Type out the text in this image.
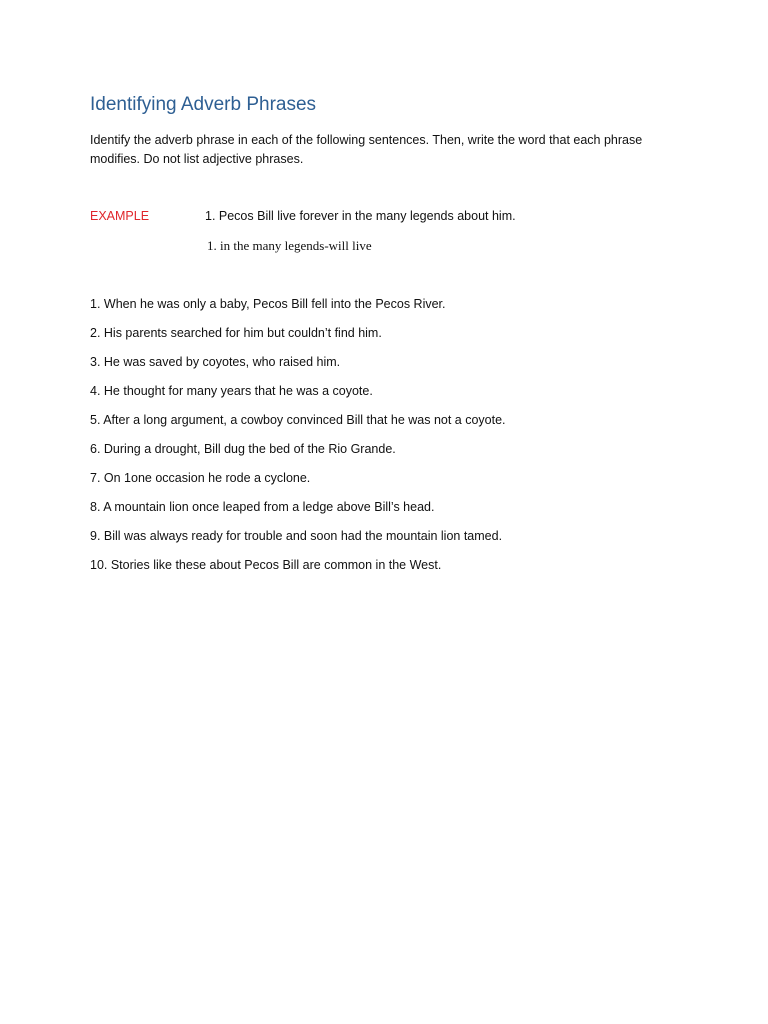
Identifying Adverb Phrases

Identify the adverb phrase in each of the following sentences. Then, write the word that each phrase modifies. Do not list adjective phrases.

EXAMPLE	1. Pecos Bill live forever in the many legends about him.

1. in the many legends-will live

1. When he was only a baby, Pecos Bill fell into the Pecos River.
2. His parents searched for him but couldn’t find him.
3. He was saved by coyotes, who raised him.
4. He thought for many years that he was a coyote.
5. After a long argument, a cowboy convinced Bill that he was not a coyote.
6. During a drought, Bill dug the bed of the Rio Grande.
7. On 1one occasion he rode a cyclone.
8. A mountain lion once leaped from a ledge above Bill’s head.
9. Bill was always ready for trouble and soon had the mountain lion tamed.
10. Stories like these about Pecos Bill are common in the West.
